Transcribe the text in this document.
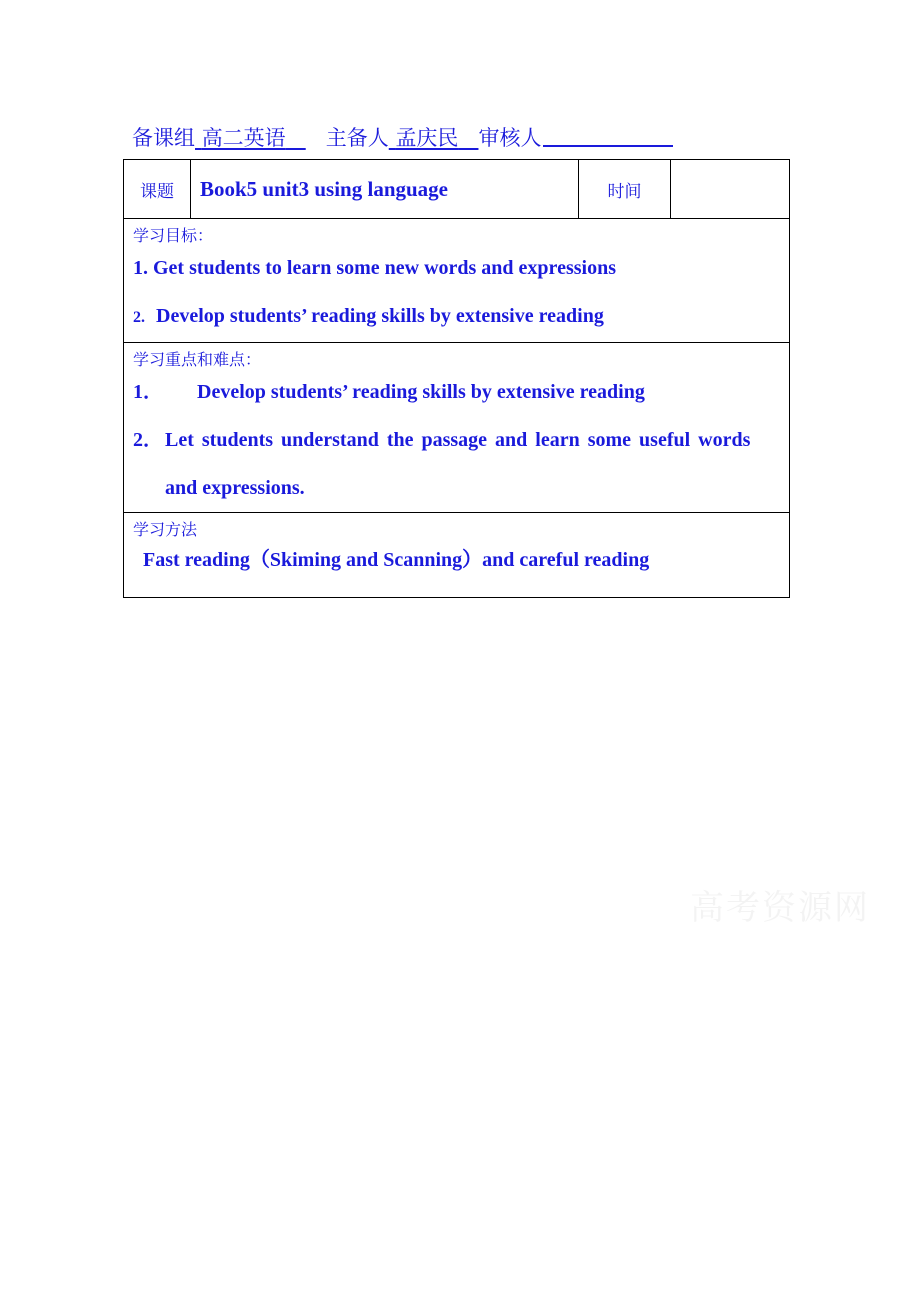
备课组 高二英语 主备人 孟庆民 审核人
课题	Book5 unit3 using language	时间	

学习目标：
1. Get students to learn some new words and expressions
2. Develop students’ reading skills by extensive reading

学习重点和难点：
1． Develop students’ reading skills by extensive reading
2． Let students understand the passage and learn some useful words
and expressions.

学习方法
Fast reading（Skiming and Scanning）and careful reading
高考资源网
